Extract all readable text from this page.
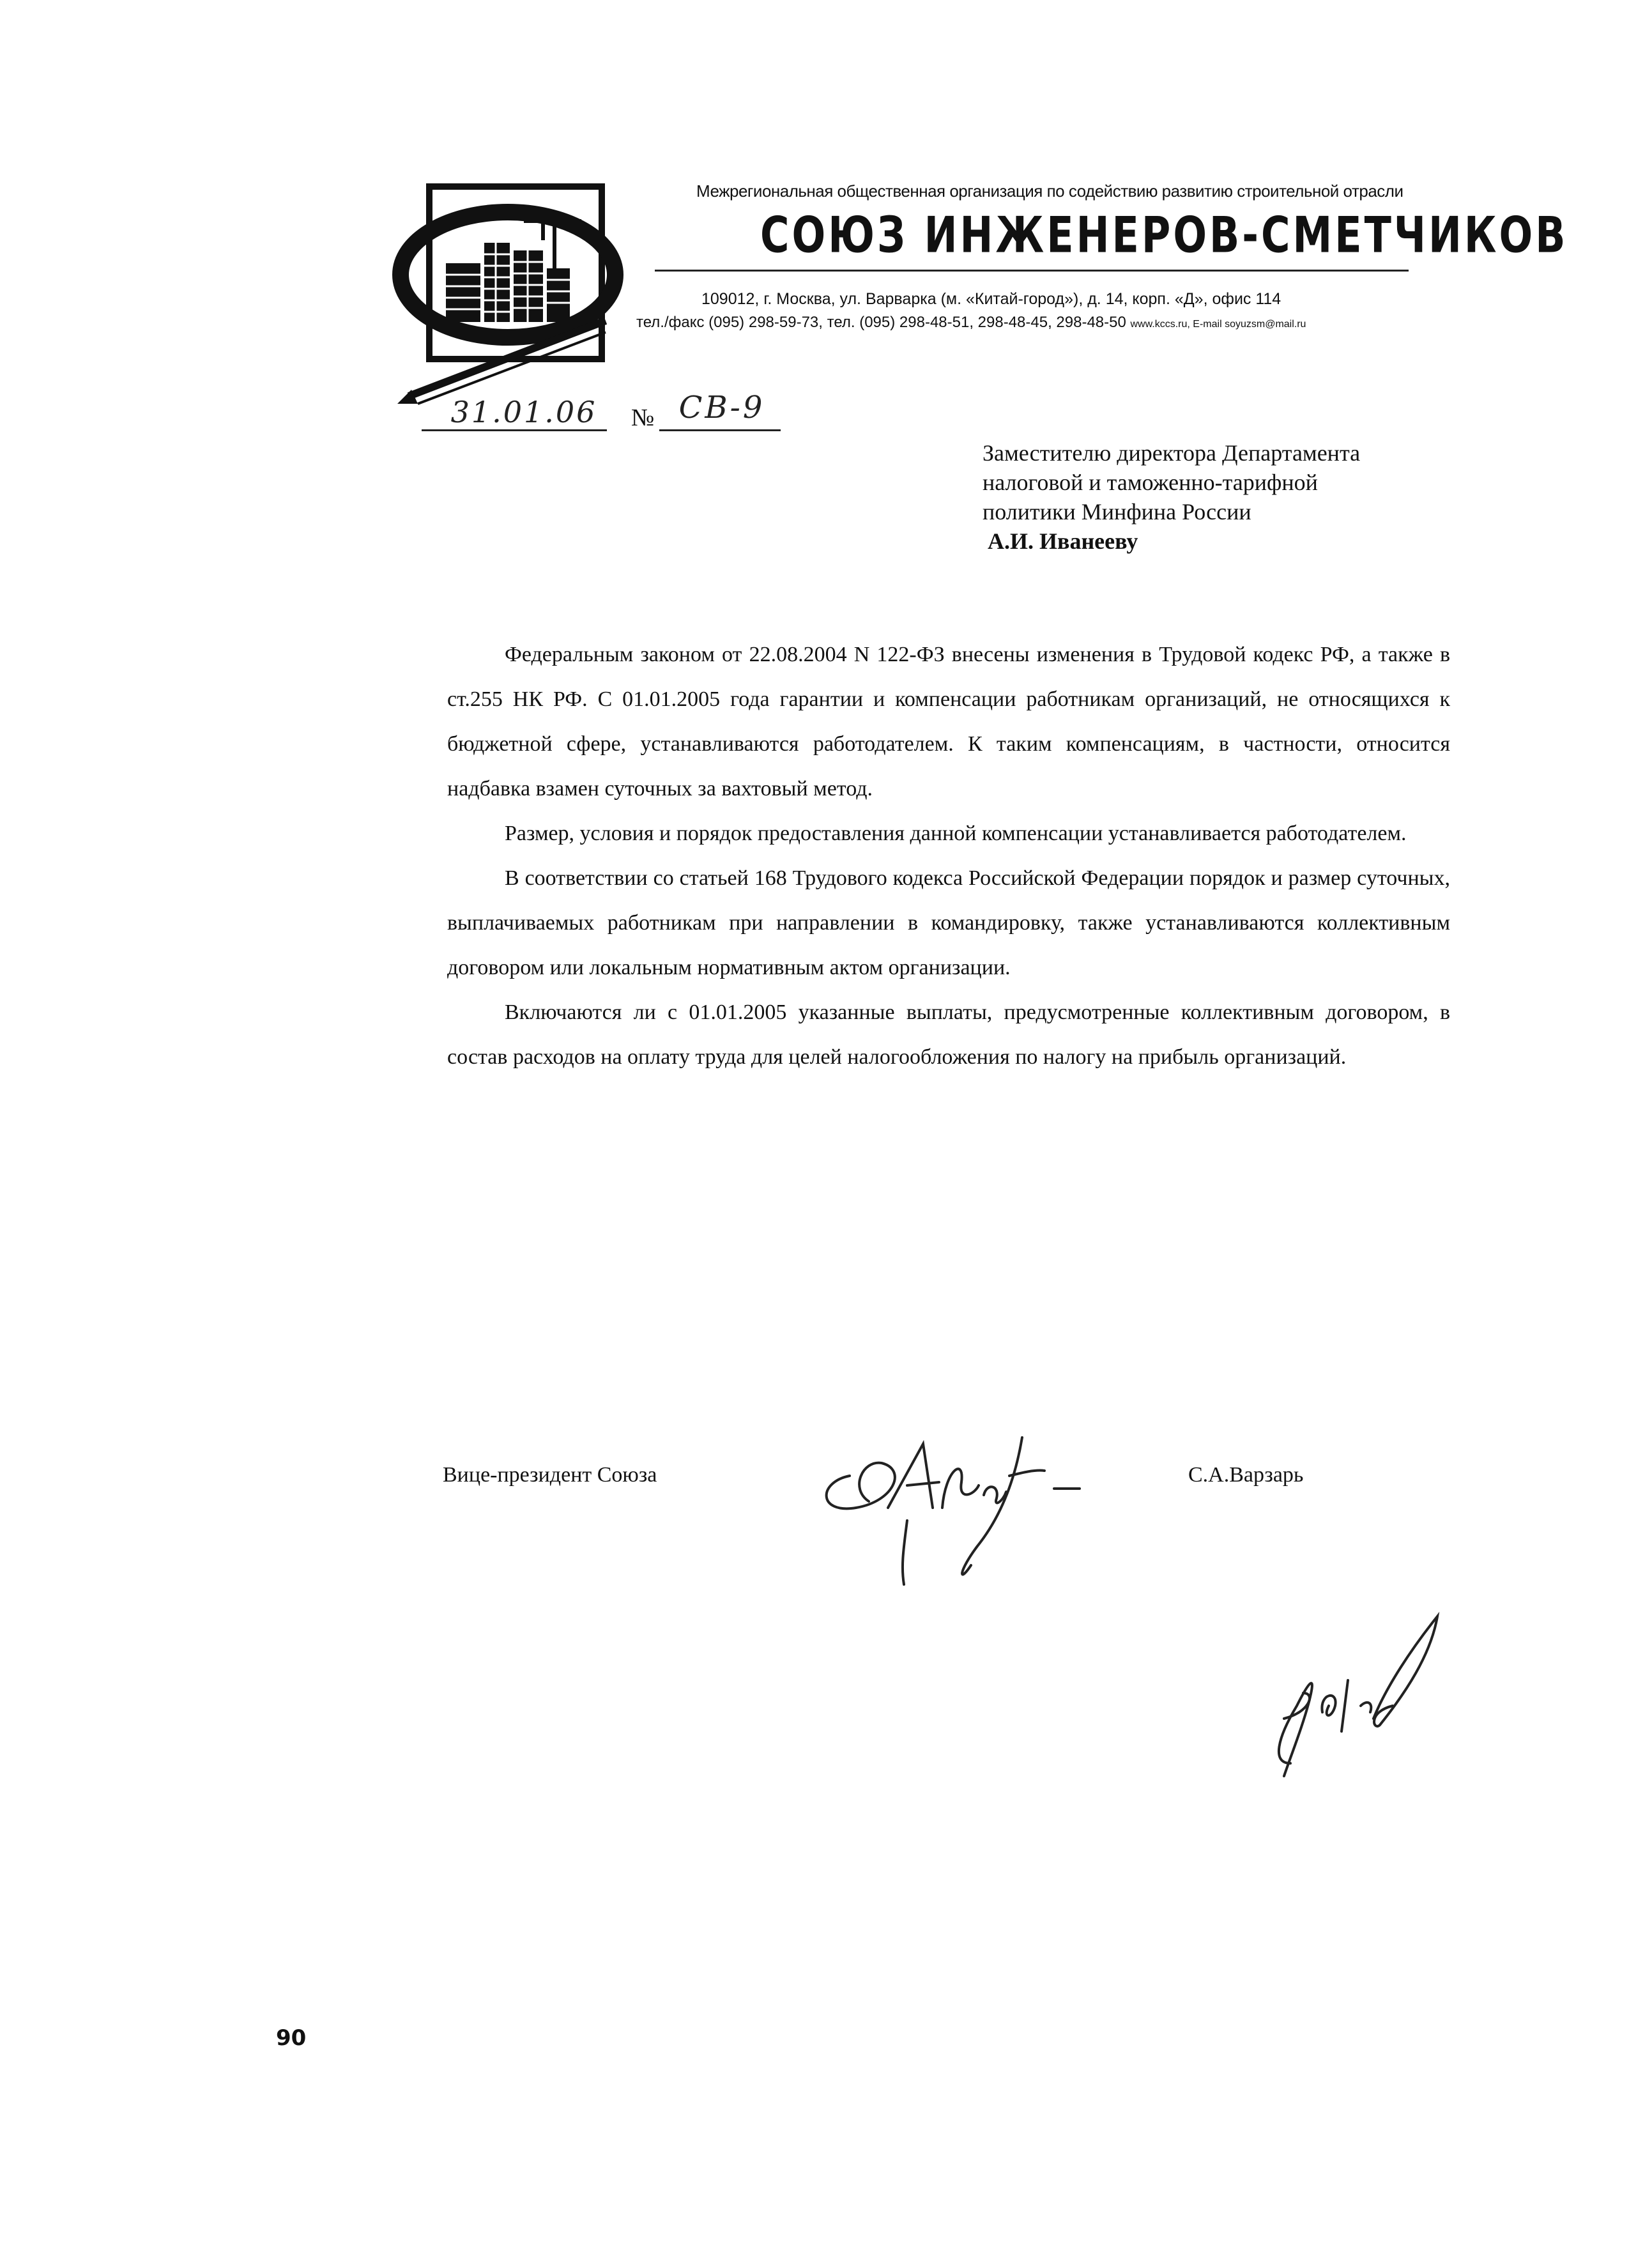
Межрегиональная общественная организация по содействию развитию строительной отрасли
СОЮЗ ИНЖЕНЕРОВ-СМЕТЧИКОВ
109012, г. Москва, ул. Варварка (м. «Китай-город»), д. 14, корп. «Д», офис 114
тел./факс (095) 298-59-73, тел. (095) 298-48-51, 298-48-45, 298-48-50 www.kccs.ru, E-mail soyuzsm@mail.ru
31.01.06 № СВ-9
Заместителю директора Департамента
налоговой и таможенно-тарифной
политики Минфина России
А.И. Иванееву

Федеральным законом от 22.08.2004 N 122-ФЗ внесены изменения в Трудовой кодекс РФ, а также в ст.255 НК РФ. С 01.01.2005 года гарантии и компенсации работникам организаций, не относящихся к бюджетной сфере, устанавливаются работодателем. К таким компенсациям, в частности, относится надбавка взамен суточных за вахтовый метод.

Размер, условия и порядок предоставления данной компенсации устанавливается работодателем.

В соответствии со статьей 168 Трудового кодекса Российской Федерации порядок и размер суточных, выплачиваемых работникам при направлении в командировку, также устанавливаются коллективным договором или локальным нормативным актом организации.

Включаются ли с 01.01.2005 указанные выплаты, предусмотренные коллективным договором, в состав расходов на оплату труда для целей налогообложения по налогу на прибыль организаций.

Вице-президент Союза	С.А.Варзарь
90
